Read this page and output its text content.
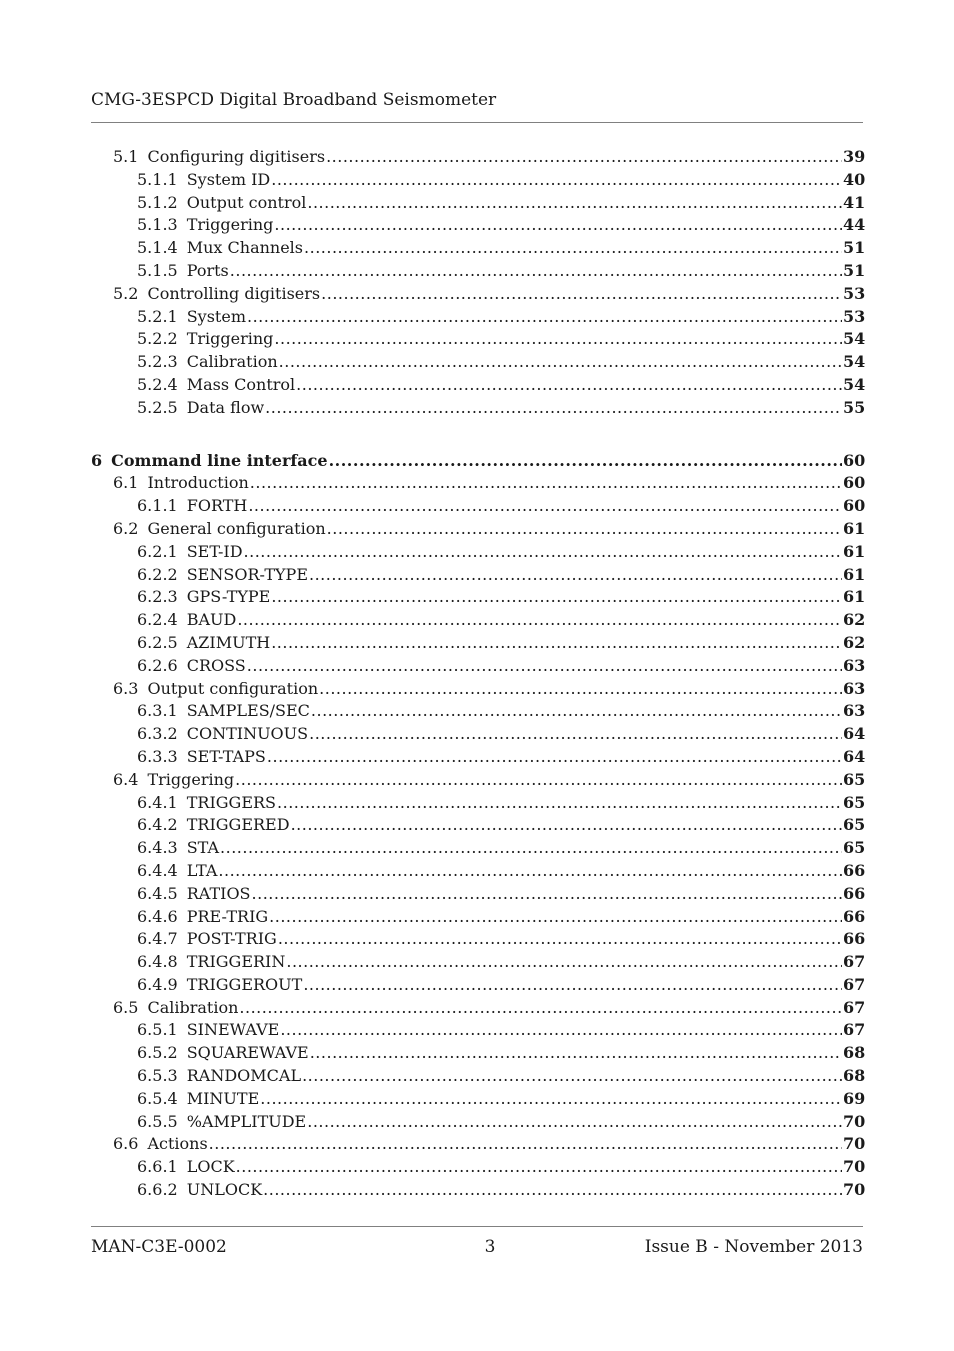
CMG-3ESPCD Digital Broadband Seismometer
5.1 Configuring digitisers .....	39
5.1.1 System ID .....	40
5.1.2 Output control .....	41
5.1.3 Triggering .....	44
5.1.4 Mux Channels .....	51
5.1.5 Ports .....	51
5.2 Controlling digitisers .....	53
5.2.1 System .....	53
5.2.2 Triggering .....	54
5.2.3 Calibration .....	54
5.2.4 Mass Control .....	54
5.2.5 Data flow .....	55
6 Command line interface .....	60
6.1 Introduction .....	60
6.1.1 FORTH .....	60
6.2 General configuration .....	61
6.2.1 SET-ID .....	61
6.2.2 SENSOR-TYPE .....	61
6.2.3 GPS-TYPE .....	61
6.2.4 BAUD .....	62
6.2.5 AZIMUTH .....	62
6.2.6 CROSS .....	63
6.3 Output configuration .....	63
6.3.1 SAMPLES/SEC .....	63
6.3.2 CONTINUOUS .....	64
6.3.3 SET-TAPS .....	64
6.4 Triggering .....	65
6.4.1 TRIGGERS .....	65
6.4.2 TRIGGERED .....	65
6.4.3 STA .....	65
6.4.4 LTA .....	66
6.4.5 RATIOS .....	66
6.4.6 PRE-TRIG .....	66
6.4.7 POST-TRIG .....	66
6.4.8 TRIGGERIN .....	67
6.4.9 TRIGGEROUT .....	67
6.5 Calibration .....	67
6.5.1 SINEWAVE .....	67
6.5.2 SQUAREWAVE .....	68
6.5.3 RANDOMCAL .....	68
6.5.4 MINUTE .....	69
6.5.5 %AMPLITUDE .....	70
6.6 Actions .....	70
6.6.1 LOCK .....	70
6.6.2 UNLOCK .....	70
MAN-C3E-0002	3	Issue B - November 2013
